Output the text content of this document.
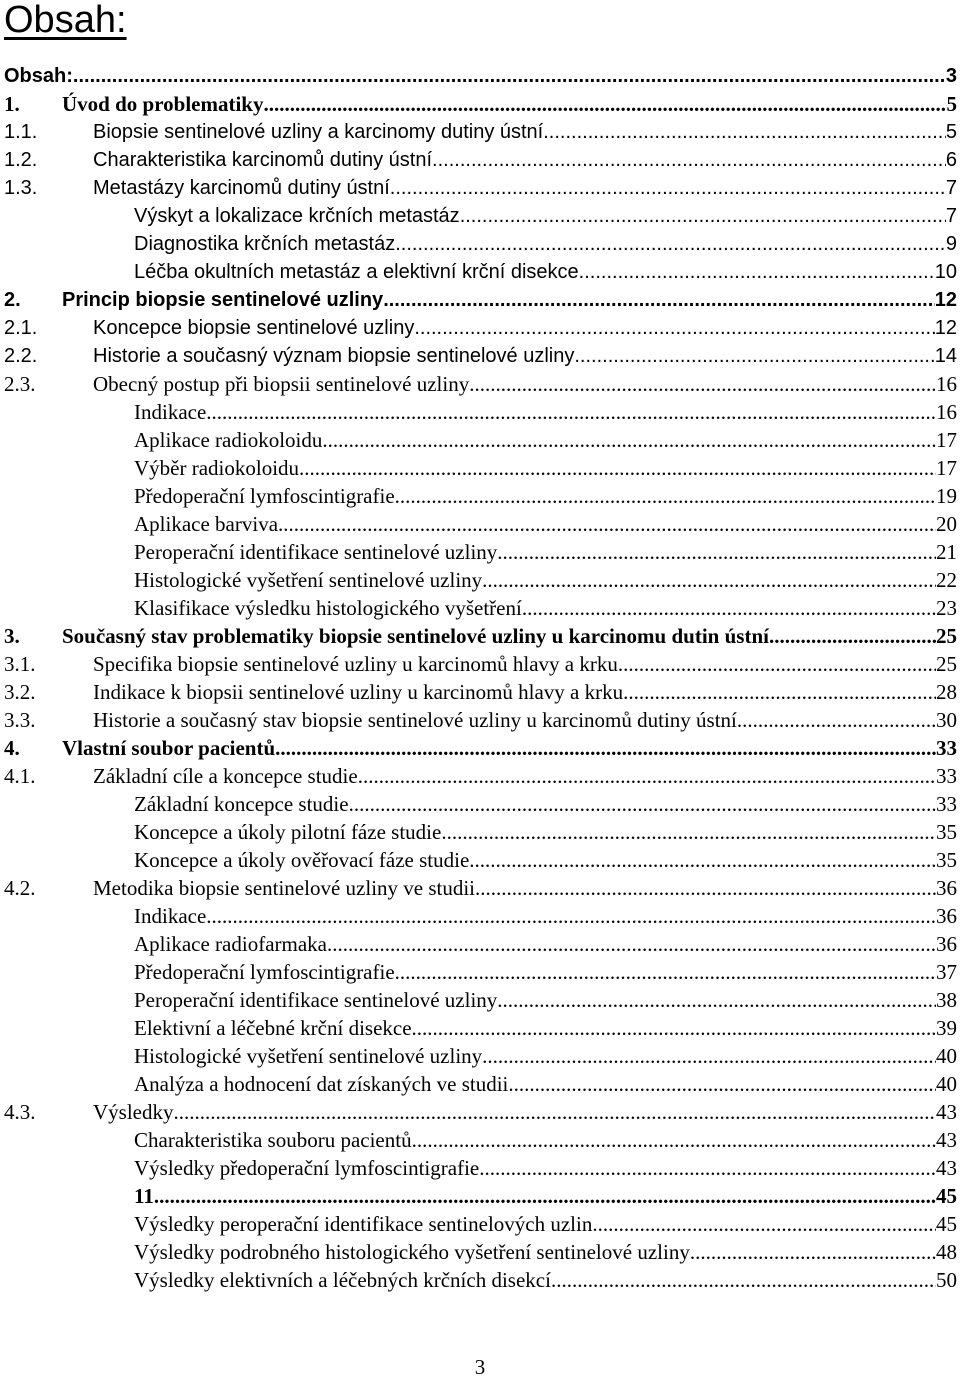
Obsah:
Obsah: .....	3
1. Úvod do problematiky .....	5
1.1.	Biopsie sentinelové uzliny a karcinomy dutiny ústní .....	5
1.2.	Charakteristika karcinomů dutiny ústní .....	6
1.3.	Metastázy karcinomů dutiny ústní .....	7
Výskyt a lokalizace krčních metastáz .....	7
Diagnostika krčních metastáz .....	9
Léčba okultních metastáz a elektivní krční disekce .....	10
2. Princip biopsie sentinelové uzliny .....	12
2.1.	Koncepce biopsie sentinelové uzliny .....	12
2.2.	Historie a současný význam biopsie sentinelové uzliny .....	14
2.3.	Obecný postup při biopsii sentinelové uzliny .....	16
Indikace .....	16
Aplikace radiokoloidu .....	17
Výběr radiokoloidu .....	17
Předoperační lymfoscintigrafie .....	19
Aplikace barviva .....	20
Peroperační identifikace sentinelové uzliny .....	21
Histologické vyšetření sentinelové uzliny .....	22
Klasifikace výsledku histologického vyšetření .....	23
3. Současný stav problematiky biopsie sentinelové uzliny u karcinomu dutin ústní .....	25
3.1.	Specifika biopsie sentinelové uzliny u karcinomů hlavy a krku .....	25
3.2.	Indikace k biopsii sentinelové uzliny u karcinomů hlavy a krku .....	28
3.3.	Historie a současný stav biopsie sentinelové uzliny u karcinomů dutiny ústní .....	30
4. Vlastní soubor pacientů .....	33
4.1.	Základní cíle a koncepce studie .....	33
Základní koncepce studie .....	33
Koncepce a úkoly pilotní fáze studie .....	35
Koncepce a úkoly ověřovací fáze studie .....	35
4.2.	Metodika biopsie sentinelové uzliny ve studii .....	36
Indikace .....	36
Aplikace radiofarmaka .....	36
Předoperační lymfoscintigrafie .....	37
Peroperační identifikace sentinelové uzliny .....	38
Elektivní a léčebné krční disekce .....	39
Histologické vyšetření sentinelové uzliny .....	40
Analýza a hodnocení dat získaných ve studii .....	40
4.3.	Výsledky .....	43
Charakteristika souboru pacientů .....	43
Výsledky předoperační lymfoscintigrafie .....	43
11. .....	45
Výsledky peroperační identifikace sentinelových uzlin .....	45
Výsledky podrobného histologického vyšetření sentinelové uzliny .....	48
Výsledky elektivních a léčebných krčních disekcí .....	50
3
